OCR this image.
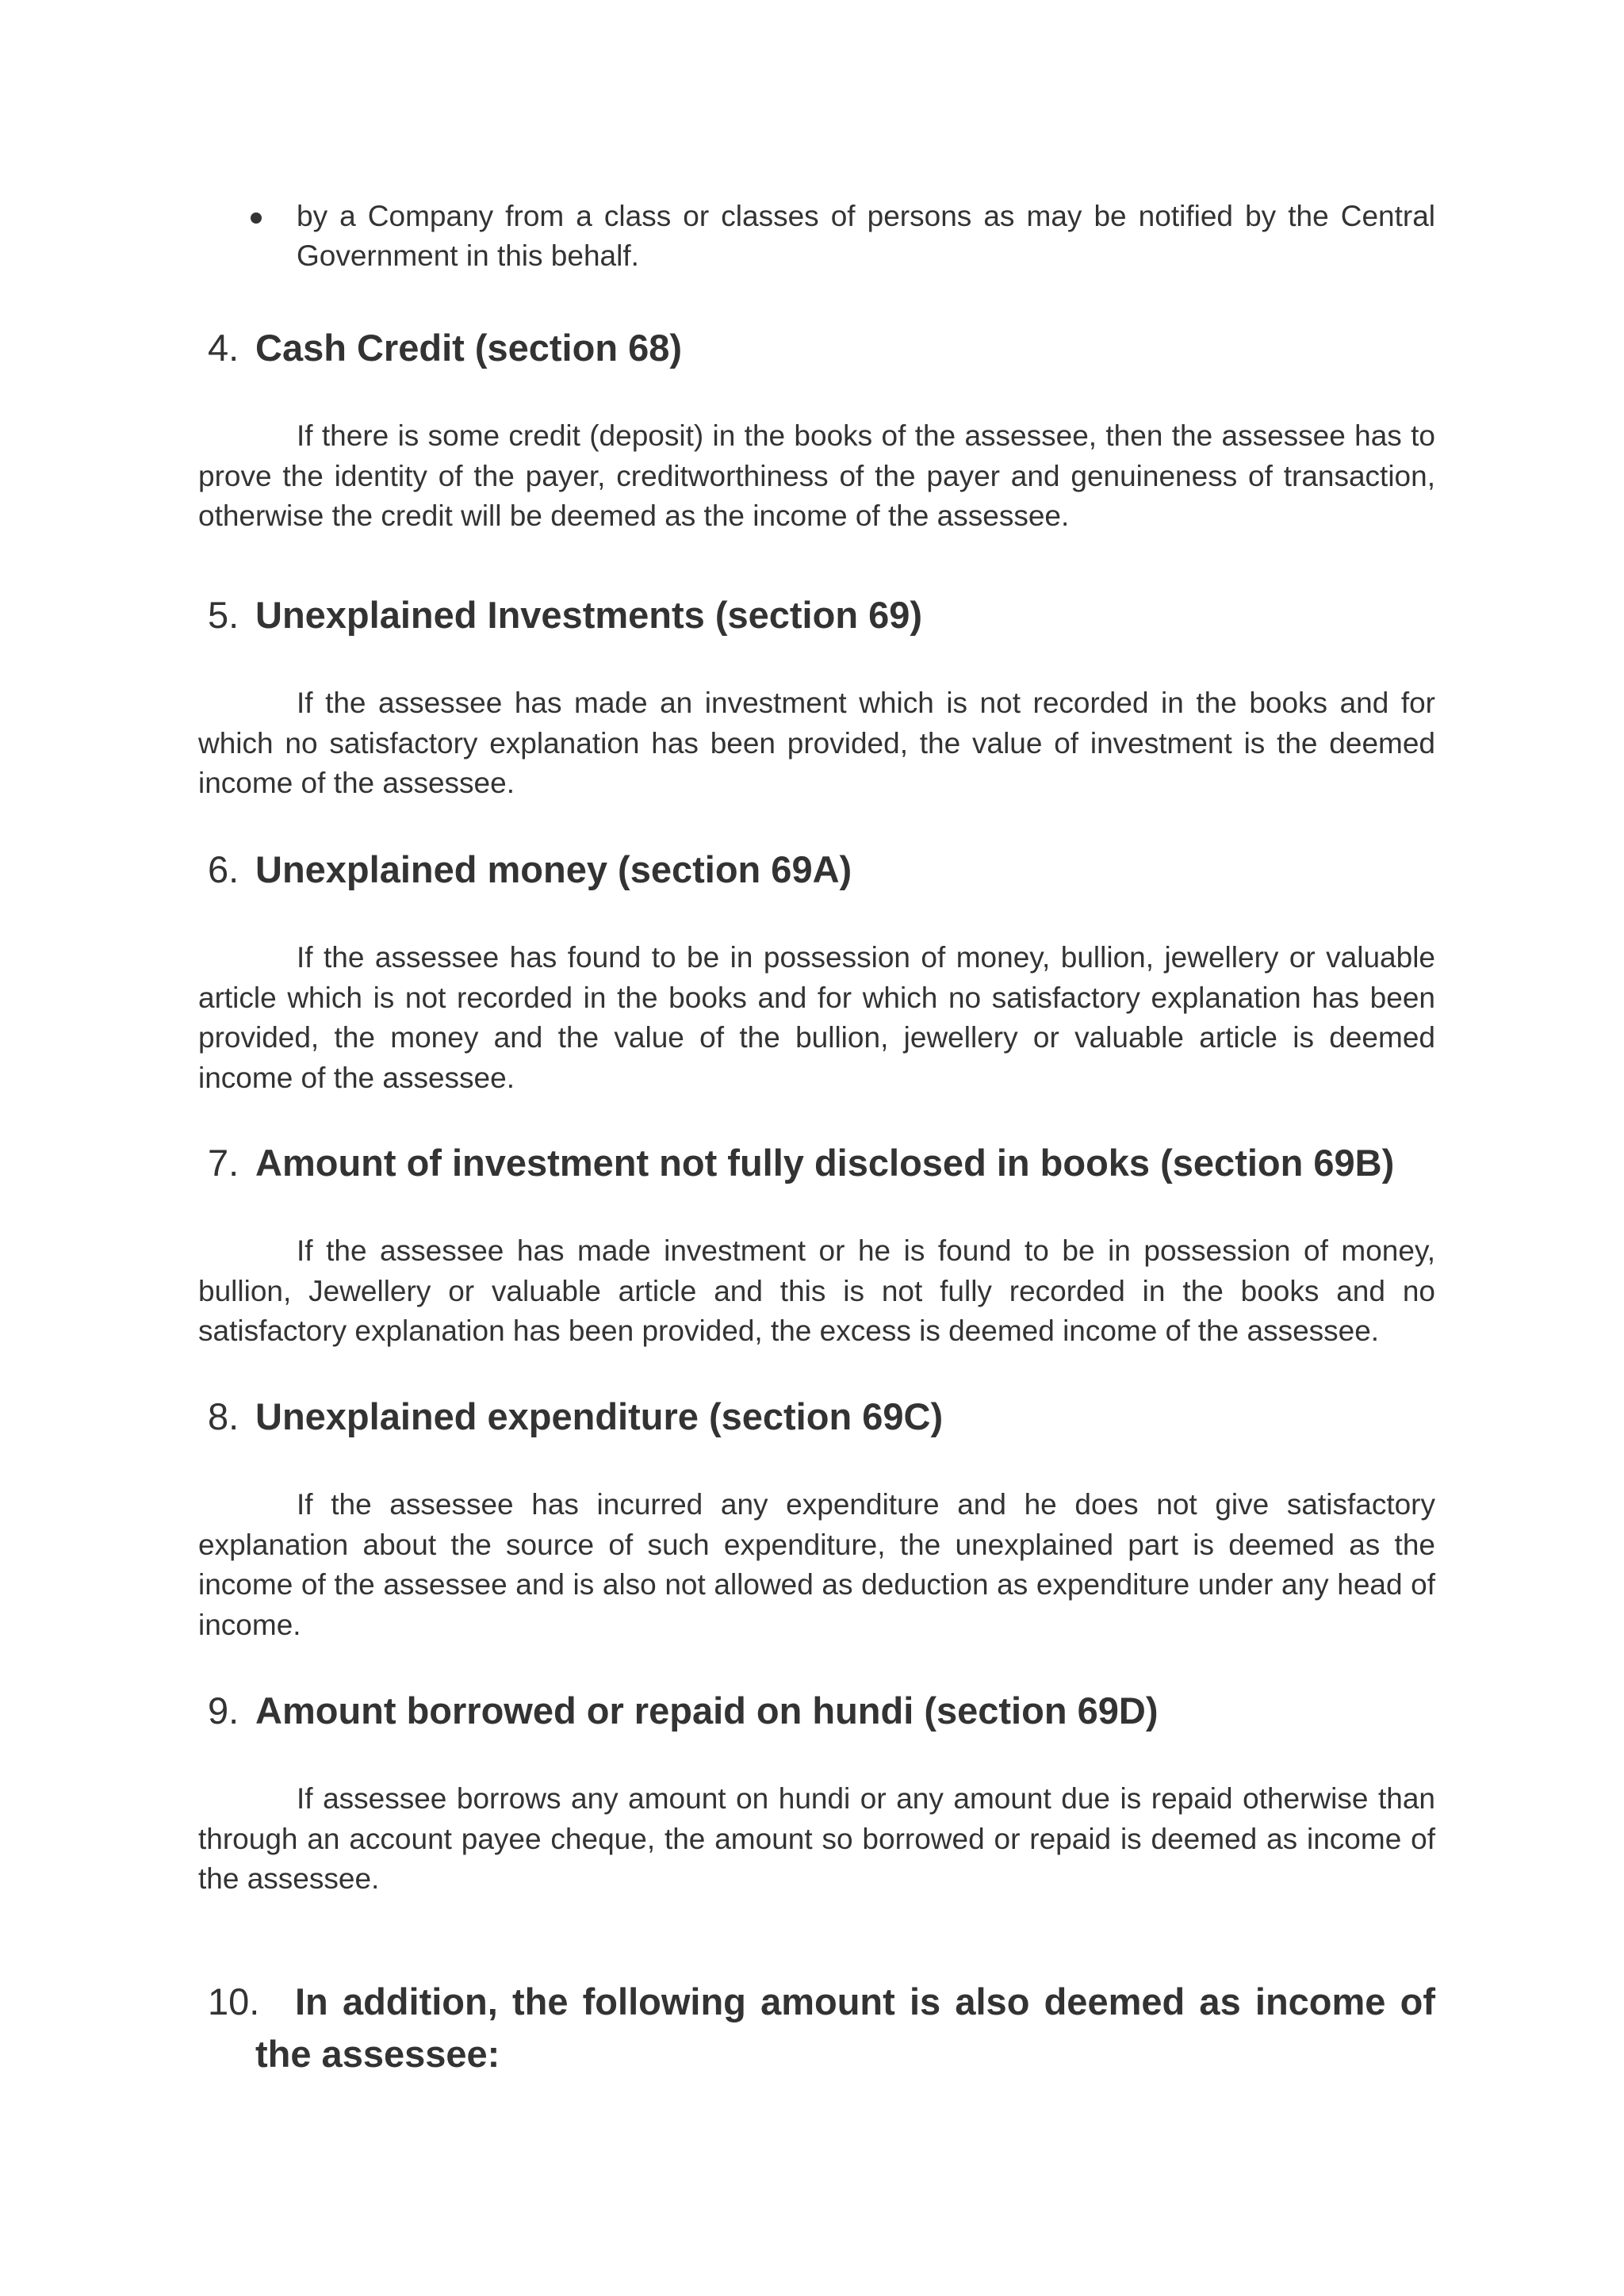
by a Company from a class or classes of persons as may be notified by the Central Government in this behalf.
4. Cash Credit (section 68)
If there is some credit (deposit) in the books of the assessee, then the assessee has to prove the identity of the payer, creditworthiness of the payer and genuineness of transaction, otherwise the credit will be deemed as the income of the assessee.
5. Unexplained Investments (section 69)
If the assessee has made an investment which is not recorded in the books and for which no satisfactory explanation has been provided, the value of investment is the deemed income of the assessee.
6. Unexplained money (section 69A)
If the assessee has found to be in possession of money, bullion, jewellery or valuable article which is not recorded in the books and for which no satisfactory explanation has been provided, the money and the value of the bullion, jewellery or valuable article is deemed income of the assessee.
7. Amount of investment not fully disclosed in books (section 69B)
If the assessee has made investment or he is found to be in possession of money, bullion, Jewellery or valuable article and this is not fully recorded in the books and no satisfactory explanation has been provided, the excess is deemed income of the assessee.
8. Unexplained expenditure (section 69C)
If the assessee has incurred any expenditure and he does not give satisfactory explanation about the source of such expenditure, the unexplained part is deemed as the income of the assessee and is also not allowed as deduction as expenditure under any head of income.
9. Amount borrowed or repaid on hundi (section 69D)
If assessee borrows any amount on hundi or any amount due is repaid otherwise than through an account payee cheque, the amount so borrowed or repaid is deemed as income of the assessee.
10. In addition, the following amount is also deemed as income of the assessee:
